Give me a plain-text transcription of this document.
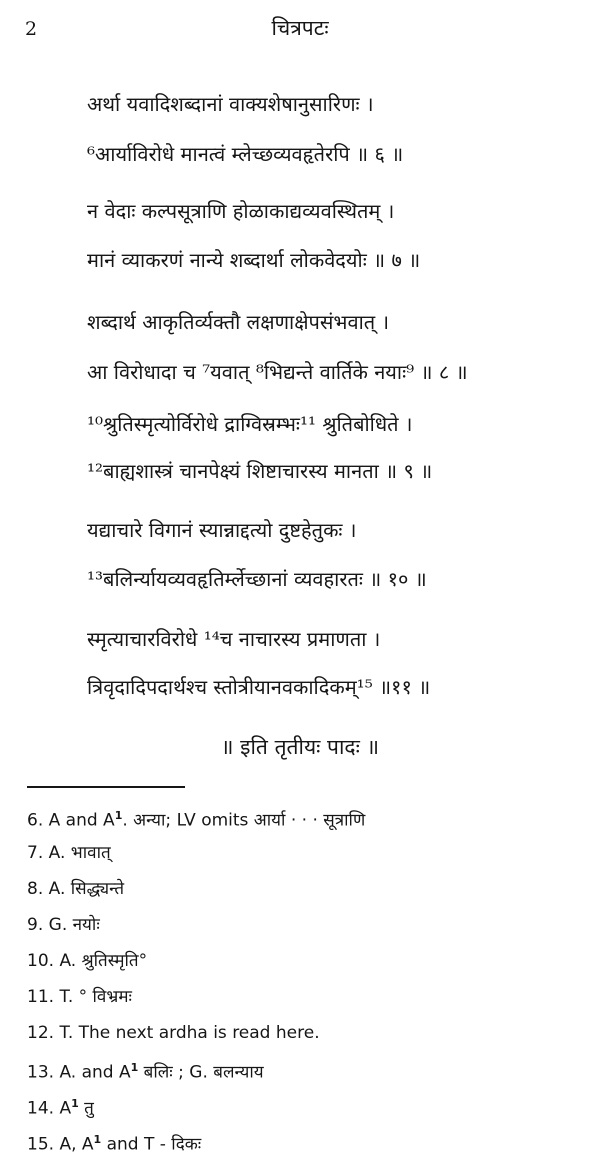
2	चित्रपटः
अर्था यवादिशब्दानां वाक्यशेषानुसारिणः ।
⁶आर्याविरोधे मानत्वं म्लेच्छव्यवहृतेरपि ॥ ६ ॥
न वेदाः कल्पसूत्राणि होळाकाद्यव्यवस्थितम् ।
मानं व्याकरणं नान्ये शब्दार्था लोकवेदयोः ॥ ७ ॥
शब्दार्थ आकृतिर्व्यक्तौ लक्षणाक्षेपसंभवात् ।
आ विरोधादा च ⁷यवात् ⁸भिद्यन्ते वार्तिके नयाः⁹ ॥ ८ ॥
¹⁰श्रुतिस्मृत्योर्विरोधे द्राग्विस्रम्भः¹¹ श्रुतिबोधिते ।
¹²बाह्यशास्त्रं चानपेक्ष्यं शिष्टाचारस्य मानता ॥ ९ ॥
यद्याचारे विगानं स्यान्नाद्दत्यो दुष्टहेतुकः ।
¹³बलिर्न्यायव्यवहृतिर्म्लेच्छानां व्यवहारतः ॥ १० ॥
स्मृत्याचारविरोधे ¹⁴च नाचारस्य प्रमाणता ।
त्रिवृदादिपदार्थश्च स्तोत्रीयानवकादिकम्¹⁵ ॥११ ॥
॥ इति तृतीयः पादः ॥
6. A and $A^1$. अन्या; LV omits आर्या · · · सूत्राणि
7. A. भावात्
8. A. सिद्ध्यन्ते
9. G. नयोः
10. A. श्रुतिस्मृति°
11. T. ° विभ्रमः
12. T. The next ardha is read here.
13. A. and $A^1$ बलिः ; G. बलन्याय
14. $A^1$ तु
15. A, $A^1$ and T - दिकः
